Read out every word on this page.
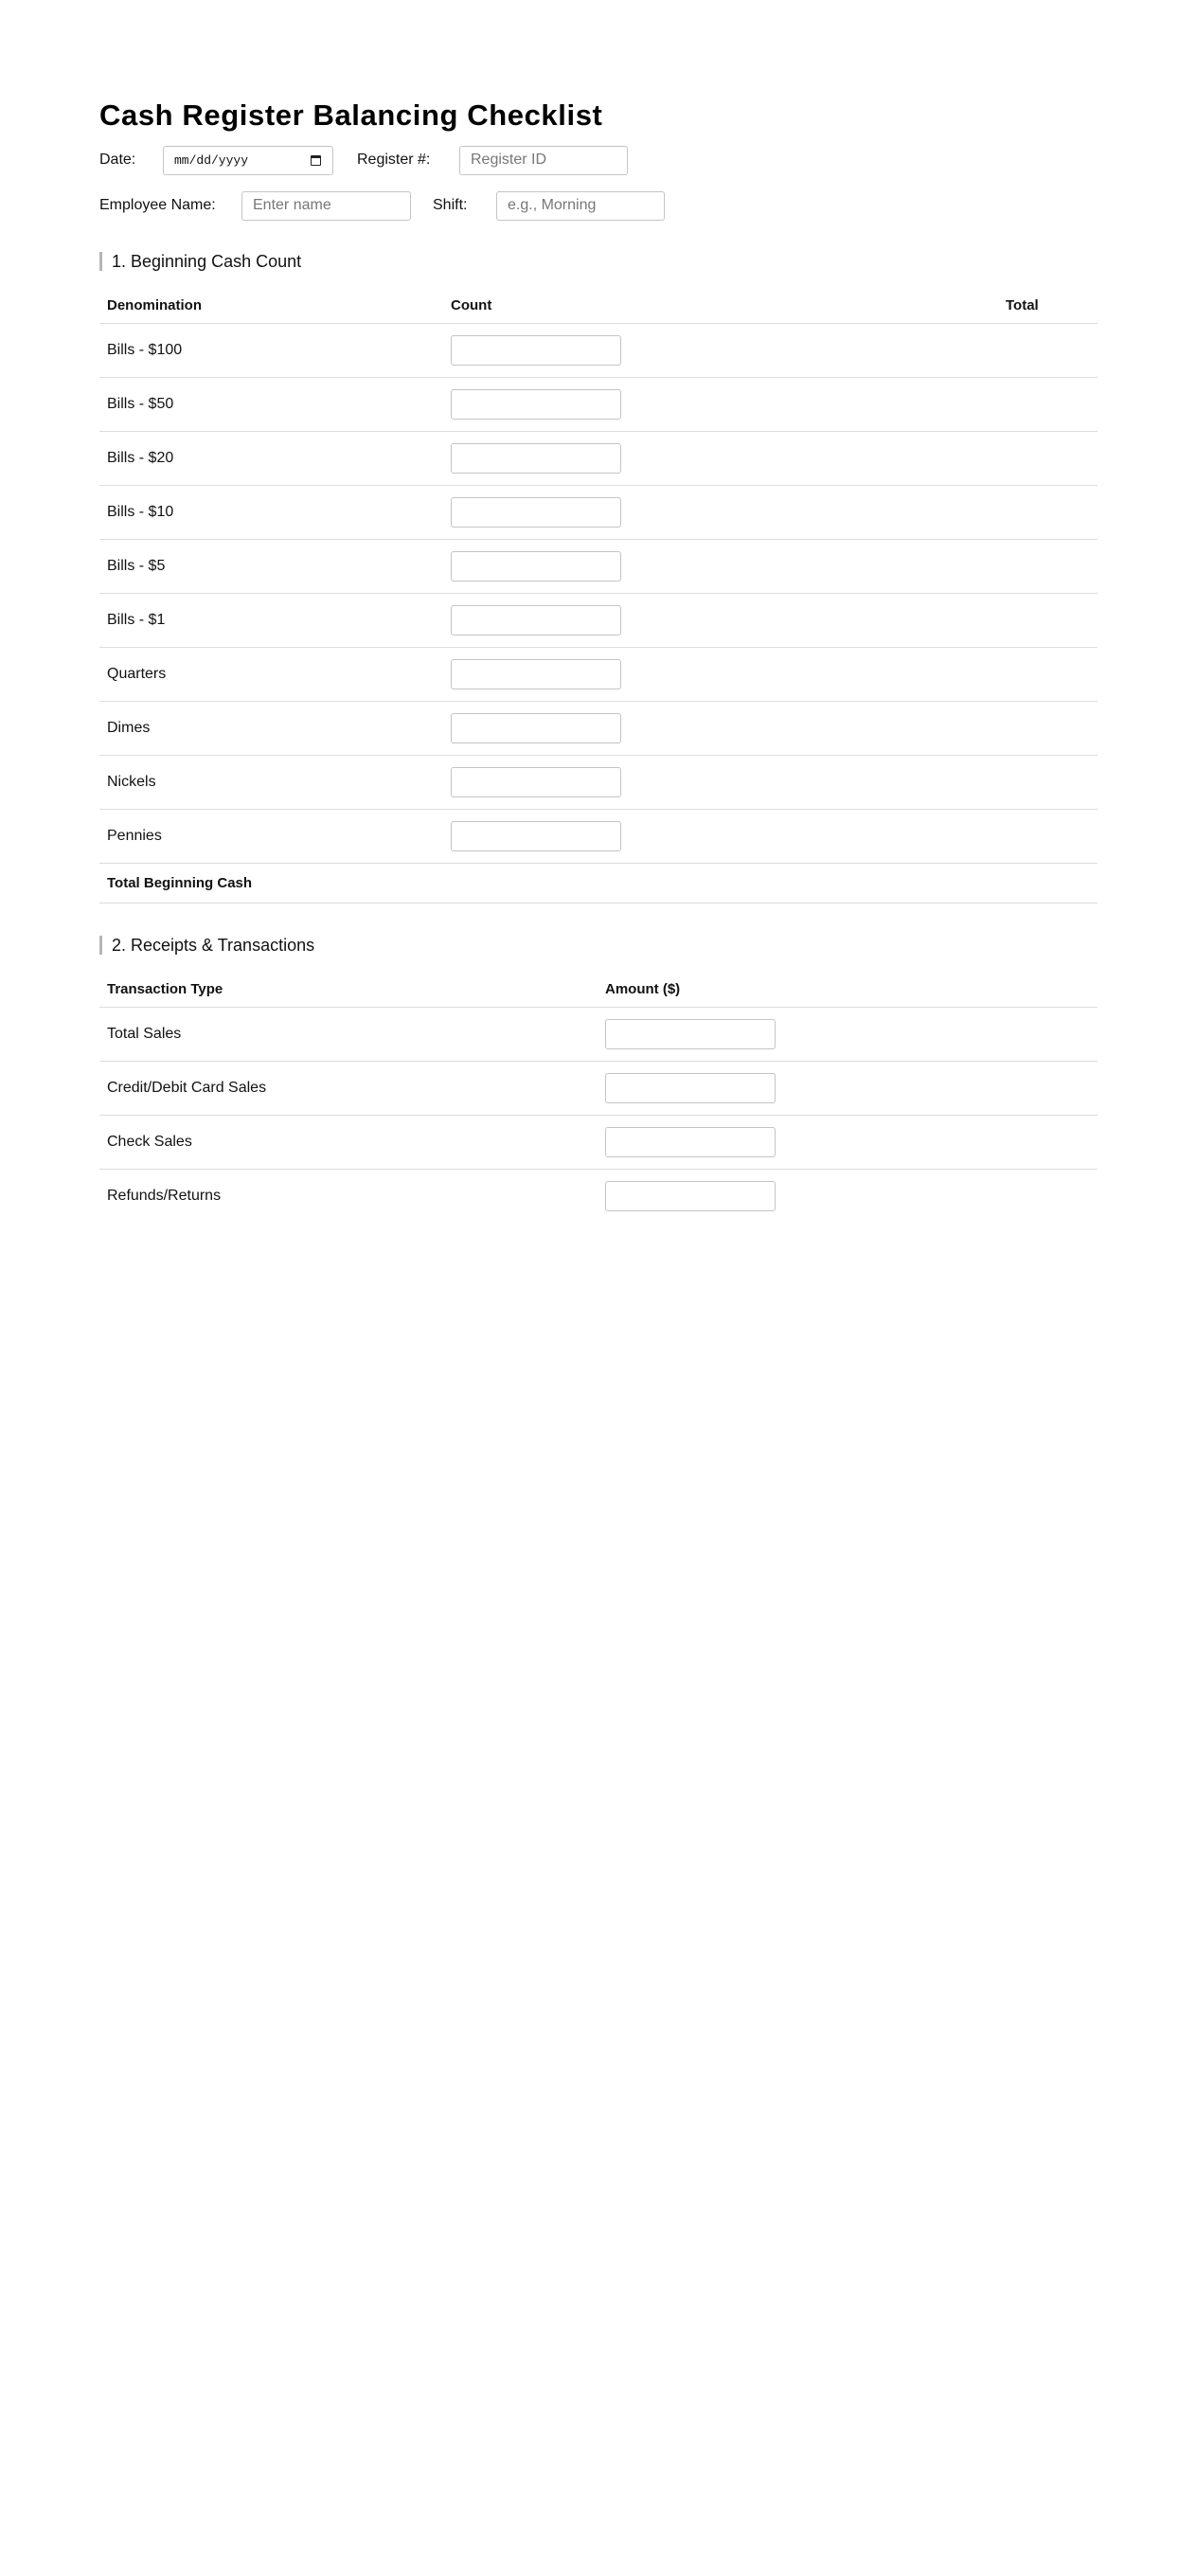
Cash Register Balancing Checklist
Date:	mm/dd/yyyy	Register #:
Register ID
Employee Name:
Enter name	Shift:
e.g., Morning
1. Beginning Cash Count
Denomination	Count	Total
Bills - $100	

Bills - $50	

Bills - $20	

Bills - $10	

Bills - $5	

Bills - $1	

Quarters	

Dimes	

Nickels	

Pennies	

Total Beginning Cash		
2. Receipts & Transactions
Transaction Type	Amount ($)
Total Sales	

Credit/Debit Card Sales	

Check Sales	

Refunds/Returns	
